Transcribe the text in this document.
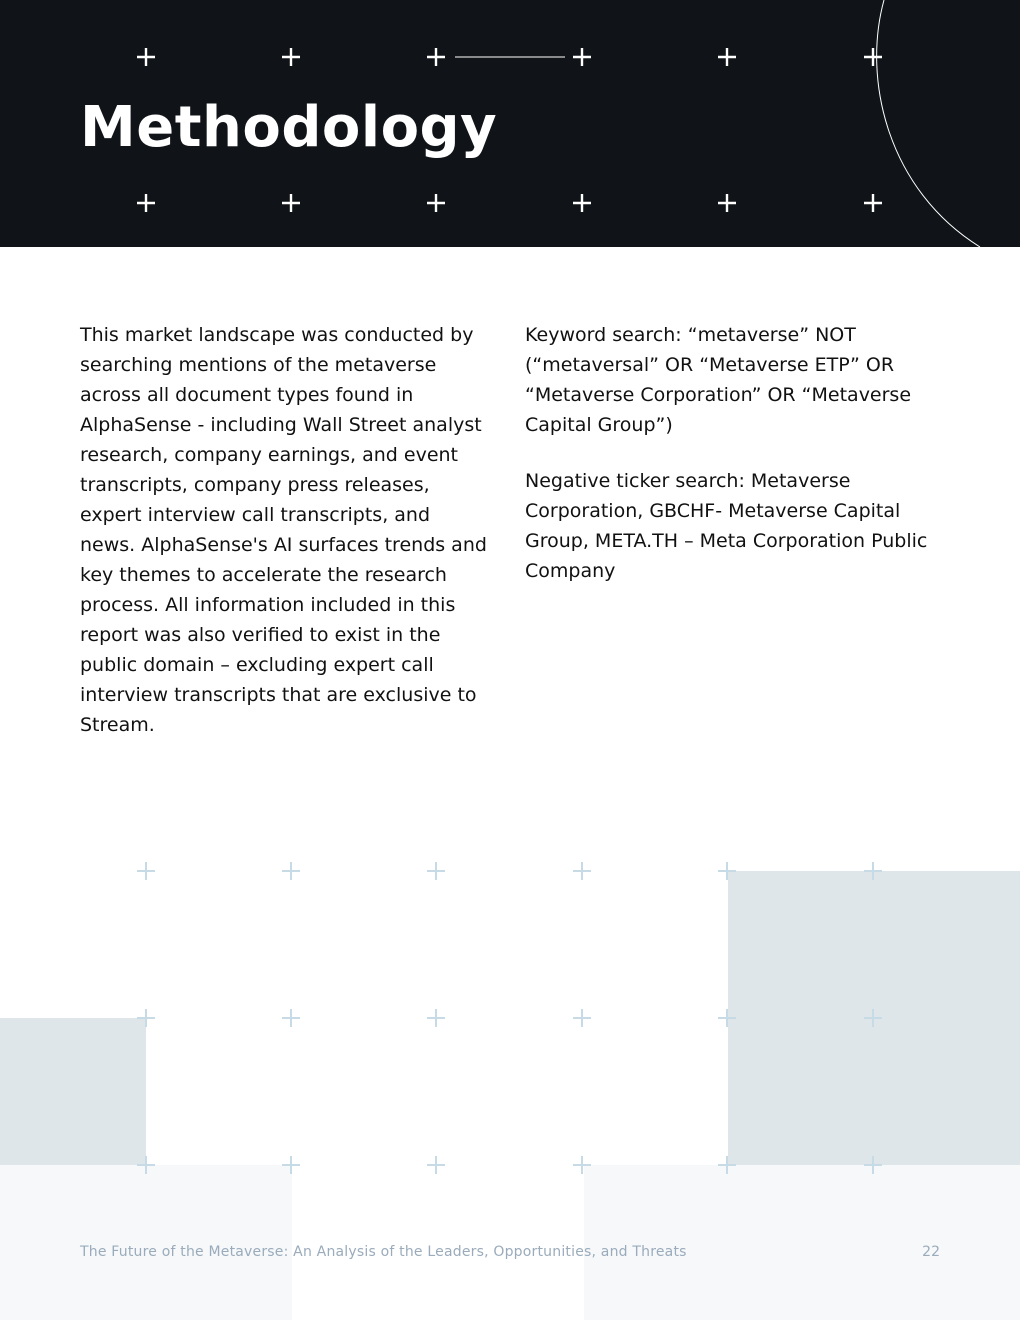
Methodology

This market landscape was conducted by searching mentions of the metaverse across all document types found in AlphaSense - including Wall Street analyst research, company earnings, and event transcripts, company press releases, expert interview call transcripts, and news. AlphaSense's AI surfaces trends and key themes to accelerate the research process. All information included in this report was also verified to exist in the public domain – excluding expert call interview transcripts that are exclusive to Stream.

Keyword search: “metaverse” NOT (“metaversal” OR “Metaverse ETP” OR “Metaverse Corporation” OR “Metaverse Capital Group”)

Negative ticker search: Metaverse Corporation, GBCHF- Metaverse Capital Group, META.TH – Meta Corporation Public Company

The Future of the Metaverse: An Analysis of the Leaders, Opportunities, and Threats	22
